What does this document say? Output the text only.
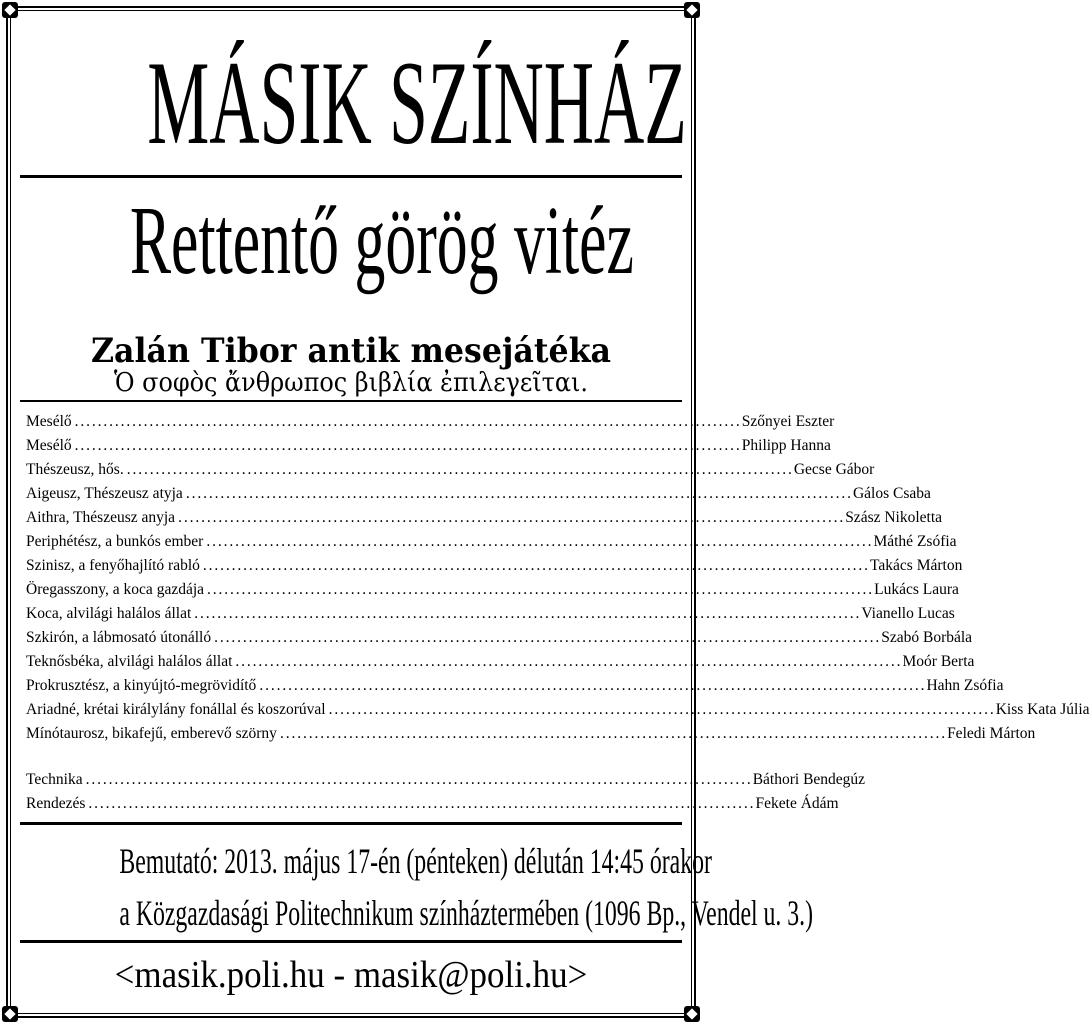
MÁSIK SZÍNHÁZ
Rettentő görög vitéz
Zalán Tibor antik mesejátéka
Ὁ σοφὸς ἄνθρωπος βιβλία ἐπιλεγεῖται.
Mesélő . . .	Szőnyei Eszter
Mesélő . . .	Philipp Hanna
Thészeusz, hős. . . .	Gecse Gábor
Aigeusz, Thészeusz atyja . . .	Gálos Csaba
Aithra, Thészeusz anyja . . .	Szász Nikoletta
Periphétész, a bunkós ember . . .	Máthé Zsófia
Szinisz, a fenyőhajlító rabló . . .	Takács Márton
Öregasszony, a koca gazdája . . .	Lukács Laura
Koca, alvilági halálos állat . . .	Vianello Lucas
Szkirón, a lábmosató útonálló . . .	Szabó Borbála
Teknősbéka, alvilági halálos állat . . .	Moór Berta
Prokrusztész, a kinyújtó-megrövidítő . . .	Hahn Zsófia
Ariadné, krétai királylány fonállal és koszorúval . . .	Kiss Kata Júlia
Mínótaurosz, bikafejű, emberevő szörny . . .	Feledi Márton
Technika . . .	Báthori Bendegúz
Rendezés . . .	Fekete Ádám
Bemutató: 2013. május 17-én (pénteken) délután 14:45 órakor
a Közgazdasági Politechnikum színháztermében (1096 Bp., Vendel u. 3.)
<masik.poli.hu - masik@poli.hu>
